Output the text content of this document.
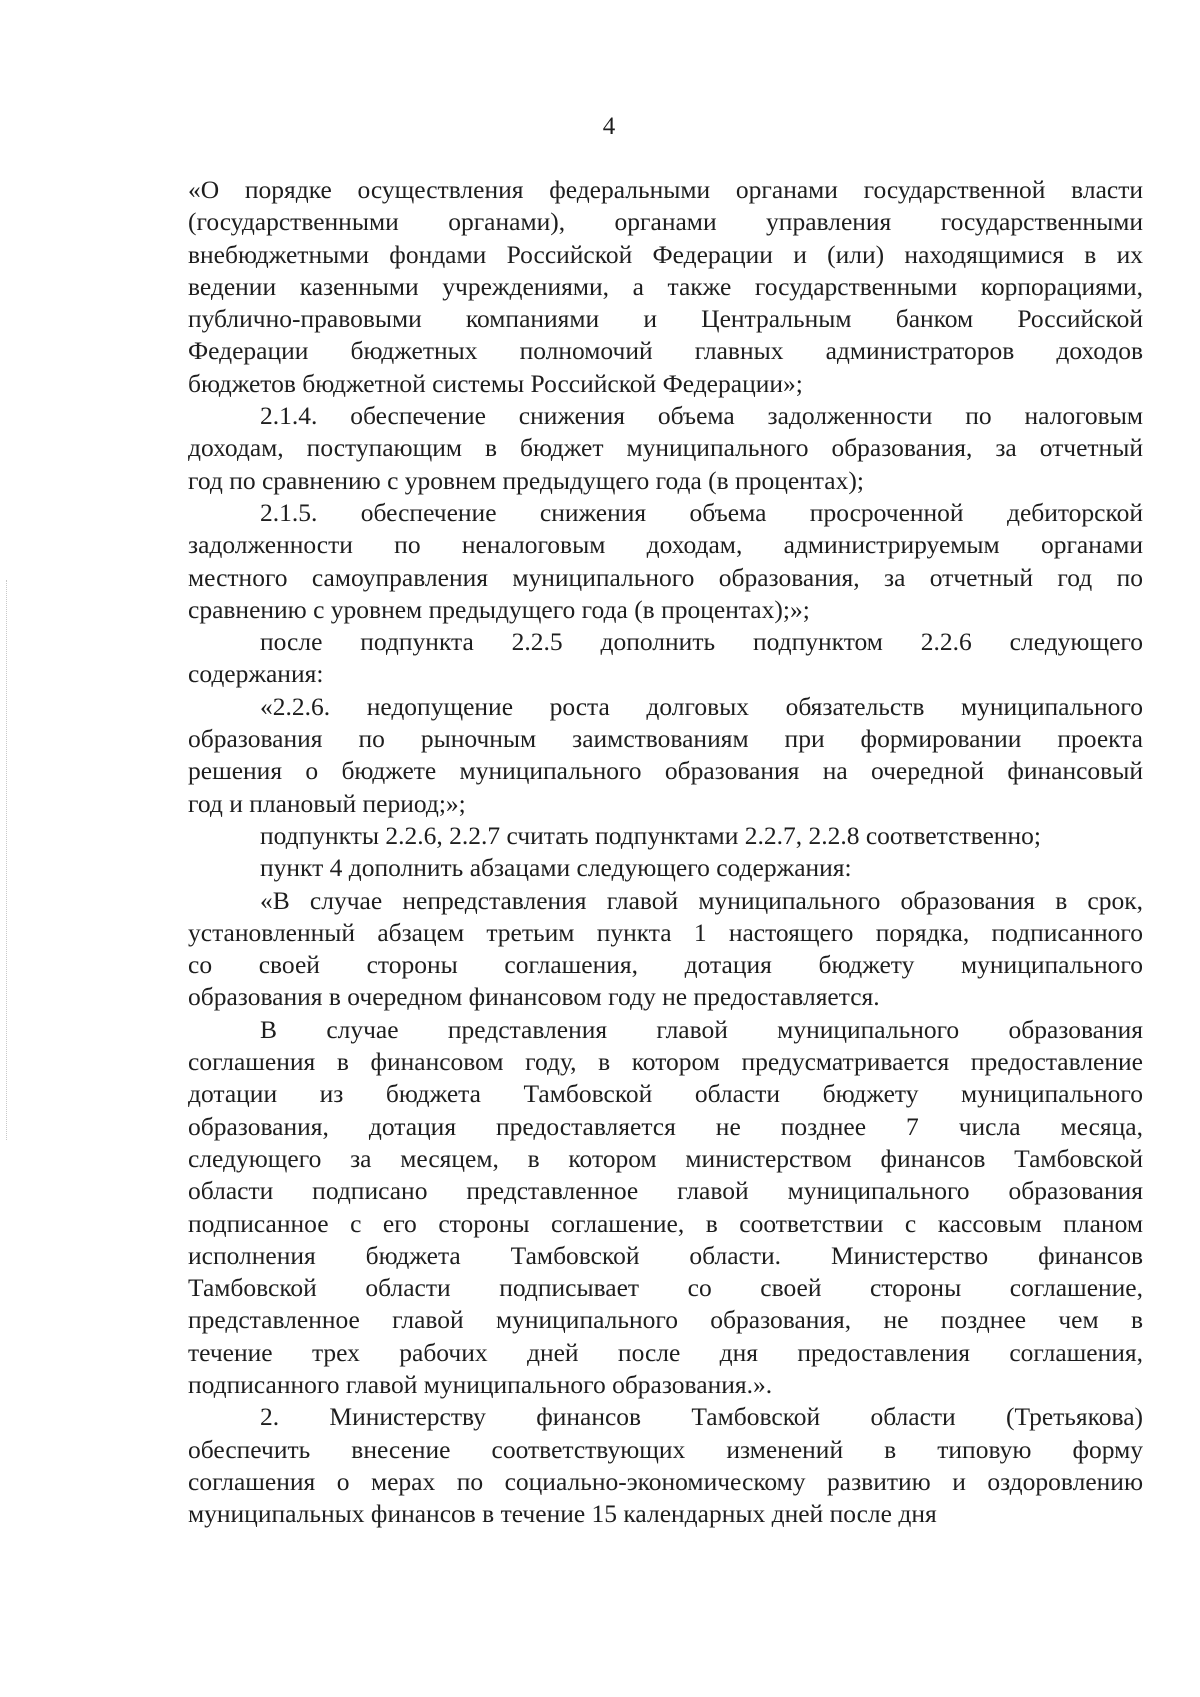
4
«О порядке осуществления федеральными органами государственной власти
(государственными органами), органами управления государственными
внебюджетными фондами Российской Федерации и (или) находящимися в их
ведении казенными учреждениями, а также государственными корпорациями,
публично-правовыми компаниями и Центральным банком Российской
Федерации бюджетных полномочий главных администраторов доходов
бюджетов бюджетной системы Российской Федерации»;
2.1.4. обеспечение снижения объема задолженности по налоговым
доходам, поступающим в бюджет муниципального образования, за отчетный
год по сравнению с уровнем предыдущего года (в процентах);
2.1.5. обеспечение снижения объема просроченной дебиторской
задолженности по неналоговым доходам, администрируемым органами
местного самоуправления муниципального образования, за отчетный год по
сравнению с уровнем предыдущего года (в процентах);»;
после подпункта 2.2.5 дополнить подпунктом 2.2.6 следующего
содержания:
«2.2.6. недопущение роста долговых обязательств муниципального
образования по рыночным заимствованиям при формировании проекта
решения о бюджете муниципального образования на очередной финансовый
год и плановый период;»;
подпункты 2.2.6, 2.2.7 считать подпунктами 2.2.7, 2.2.8 соответственно;
пункт 4 дополнить абзацами следующего содержания:
«В случае непредставления главой муниципального образования в срок,
установленный абзацем третьим пункта 1 настоящего порядка, подписанного
со своей стороны соглашения, дотация бюджету муниципального
образования в очередном финансовом году не предоставляется.
В случае представления главой муниципального образования
соглашения в финансовом году, в котором предусматривается предоставление
дотации из бюджета Тамбовской области бюджету муниципального
образования, дотация предоставляется не позднее 7 числа месяца,
следующего за месяцем, в котором министерством финансов Тамбовской
области подписано представленное главой муниципального образования
подписанное с его стороны соглашение, в соответствии с кассовым планом
исполнения бюджета Тамбовской области. Министерство финансов
Тамбовской области подписывает со своей стороны соглашение,
представленное главой муниципального образования, не позднее чем в
течение трех рабочих дней после дня предоставления соглашения,
подписанного главой муниципального образования.».
2. Министерству финансов Тамбовской области (Третьякова)
обеспечить внесение соответствующих изменений в типовую форму
соглашения о мерах по социально-экономическому развитию и оздоровлению
муниципальных финансов в течение 15 календарных дней после дня
